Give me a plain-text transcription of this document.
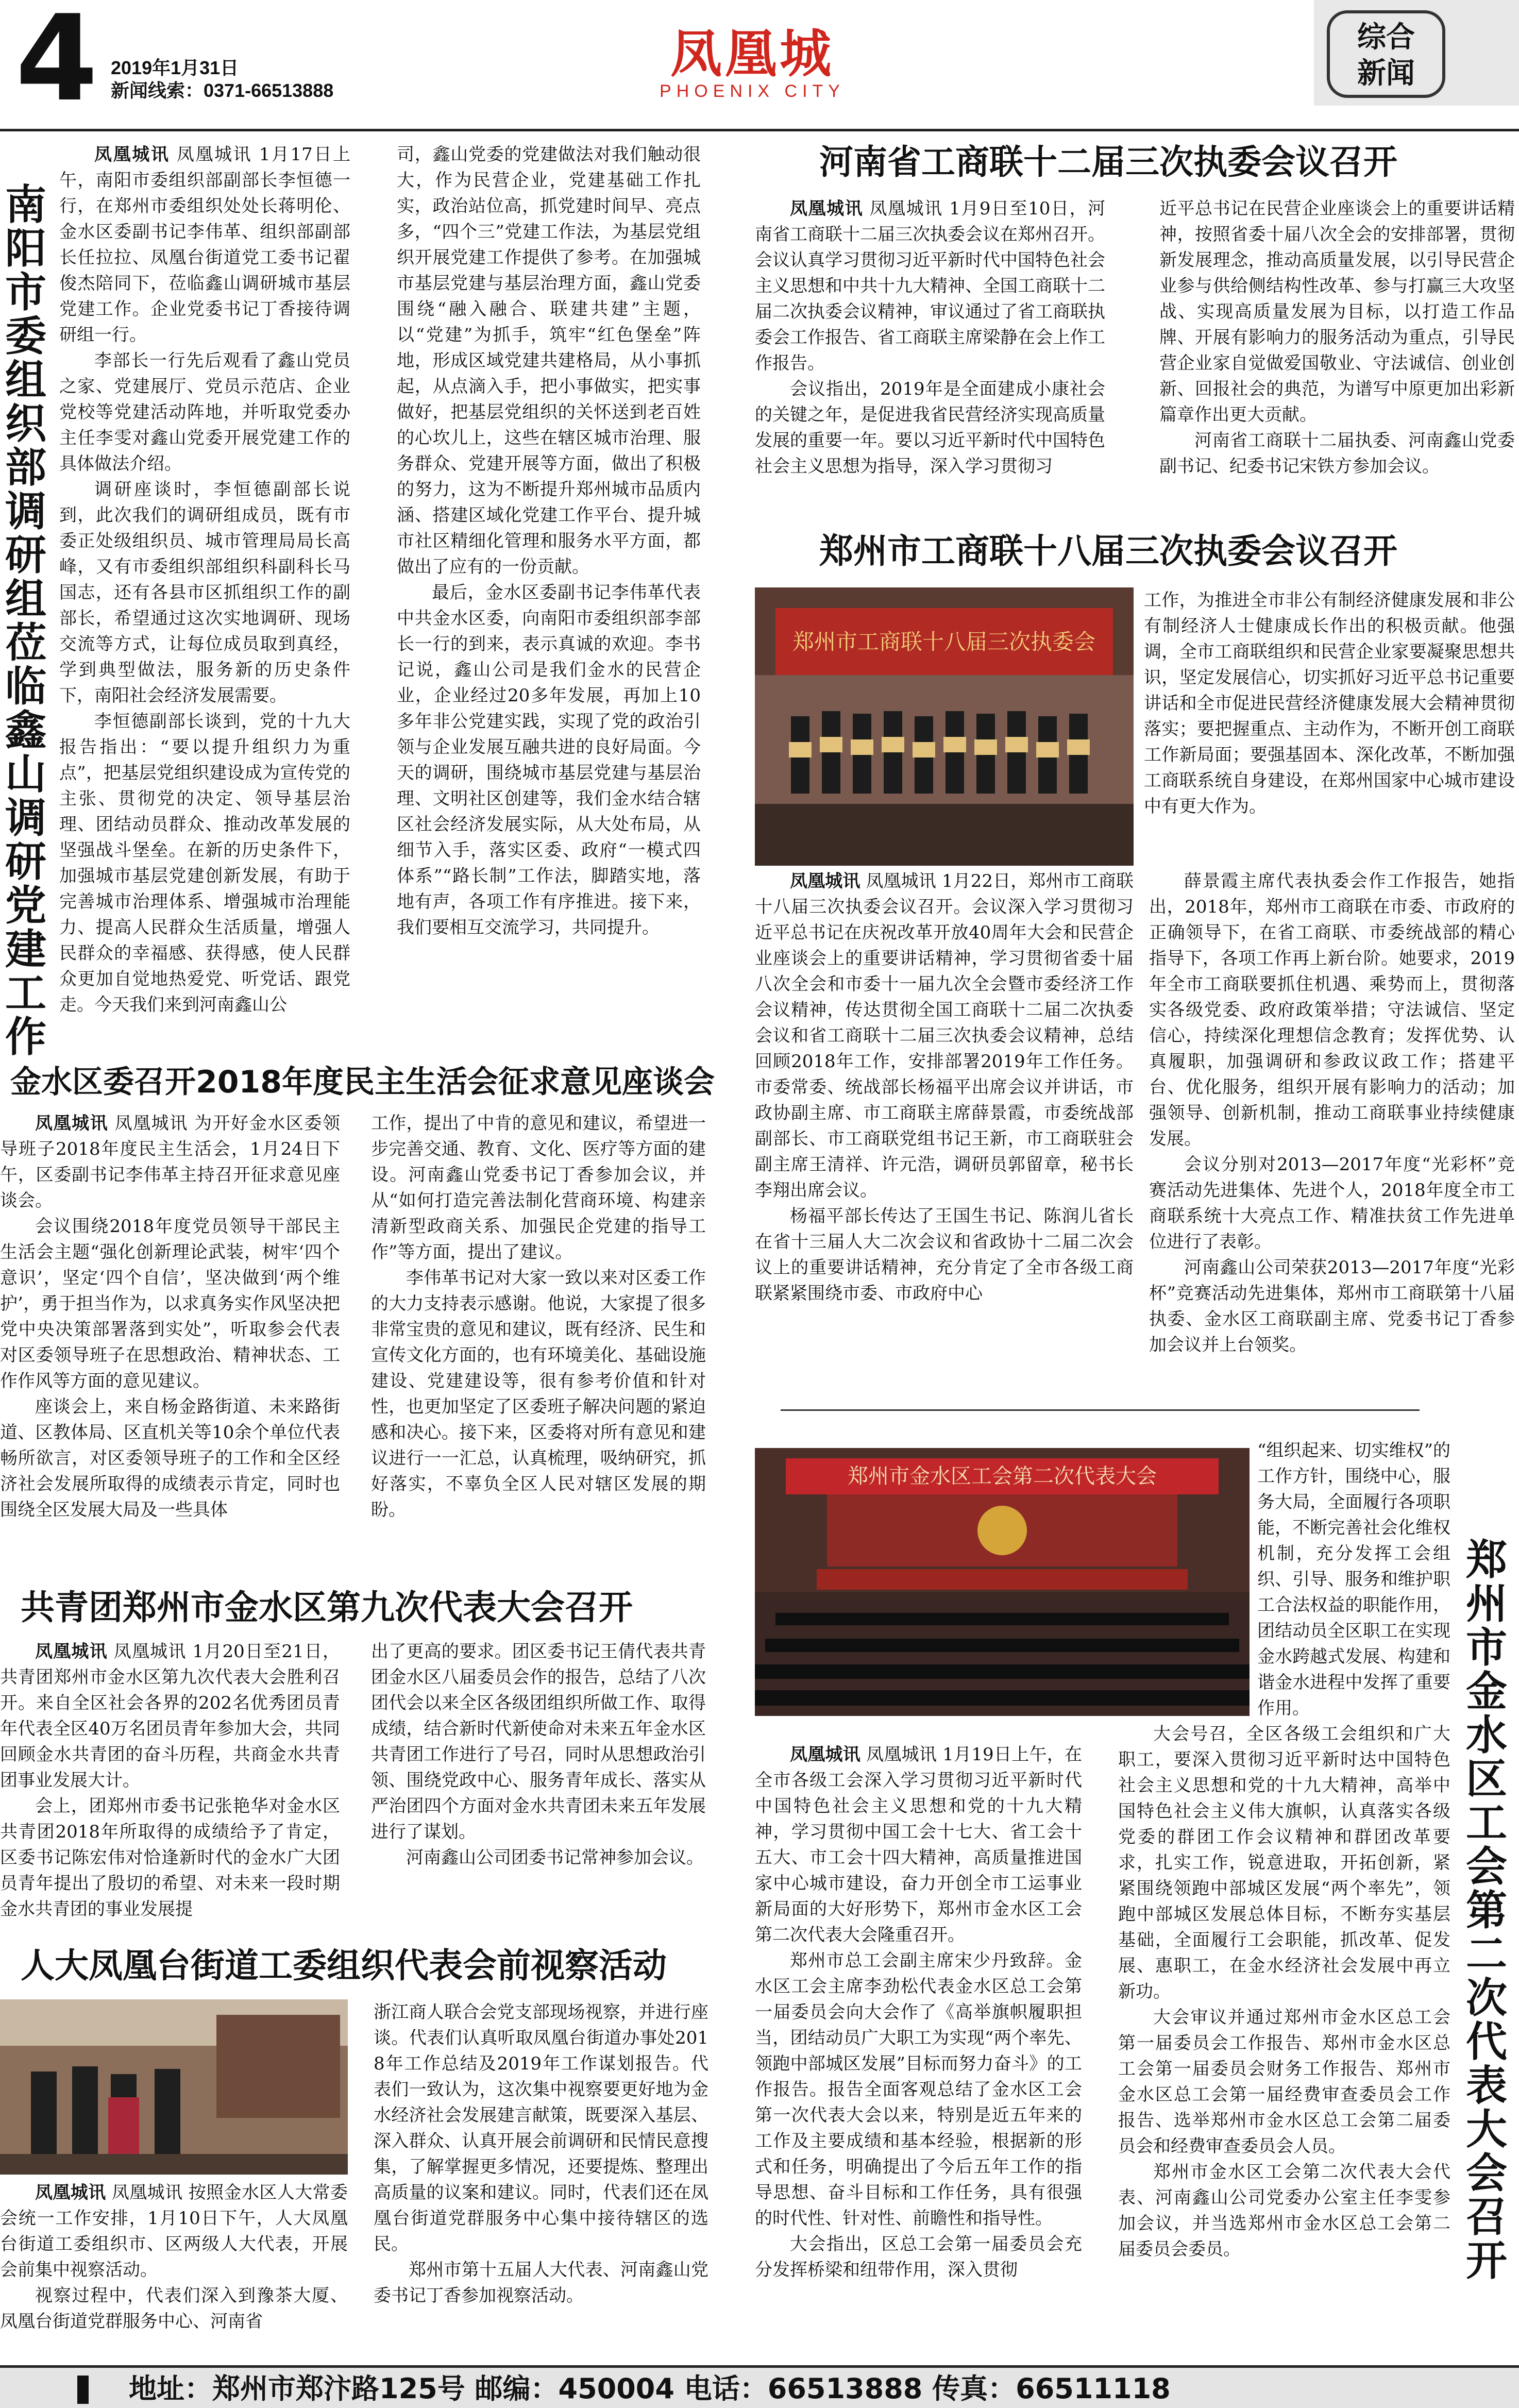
4 2019年1月31日
新闻线索：0371-66513888
凤凰城
PHOENIX CITY
综合
新闻
南阳市委组织部调研组莅临鑫山调研党建工作

凤凰城讯 凤凰城讯 1月17日上午，南阳市委组织部副部长李恒德一行，在郑州市委组织处处长蒋明伦、金水区委副书记李伟革、组织部副部长任拉拉、凤凰台街道党工委书记翟俊杰陪同下，莅临鑫山调研城市基层党建工作。企业党委书记丁香接待调研组一行。

李部长一行先后观看了鑫山党员之家、党建展厅、党员示范店、企业党校等党建活动阵地，并听取党委办主任李雯对鑫山党委开展党建工作的具体做法介绍。

调研座谈时，李恒德副部长说到，此次我们的调研组成员，既有市委正处级组织员、城市管理局局长高峰，又有市委组织部组织科副科长马国志，还有各县市区抓组织工作的副部长，希望通过这次实地调研、现场交流等方式，让每位成员取到真经，学到典型做法，服务新的历史条件下，南阳社会经济发展需要。

李恒德副部长谈到，党的十九大报告指出：“要以提升组织力为重点”，把基层党组织建设成为宣传党的主张、贯彻党的决定、领导基层治理、团结动员群众、推动改革发展的坚强战斗堡垒。在新的历史条件下，加强城市基层党建创新发展，有助于完善城市治理体系、增强城市治理能力、提高人民群众生活质量，增强人民群众的幸福感、获得感，使人民群众更加自觉地热爱党、听党话、跟党走。今天我们来到河南鑫山公

司，鑫山党委的党建做法对我们触动很大，作为民营企业，党建基础工作扎实，政治站位高，抓党建时间早、亮点多，“四个三”党建工作法，为基层党组织开展党建工作提供了参考。在加强城市基层党建与基层治理方面，鑫山党委围绕“融入融合、联建共建”主题，以“党建”为抓手，筑牢“红色堡垒”阵地，形成区域党建共建格局，从小事抓起，从点滴入手，把小事做实，把实事做好，把基层党组织的关怀送到老百姓的心坎儿上，这些在辖区城市治理、服务群众、党建开展等方面，做出了积极的努力，这为不断提升郑州城市品质内涵、搭建区域化党建工作平台、提升城市社区精细化管理和服务水平方面，都做出了应有的一份贡献。

最后，金水区委副书记李伟革代表中共金水区委，向南阳市委组织部李部长一行的到来，表示真诚的欢迎。李书记说，鑫山公司是我们金水的民营企业，企业经过20多年发展，再加上10多年非公党建实践，实现了党的政治引领与企业发展互融共进的良好局面。今天的调研，围绕城市基层党建与基层治理、文明社区创建等，我们金水结合辖区社会经济发展实际，从大处布局，从细节入手，落实区委、政府“一模式四体系”“路长制”工作法，脚踏实地，落地有声，各项工作有序推进。接下来，我们要相互交流学习，共同提升。

河南省工商联十二届三次执委会议召开

凤凰城讯 凤凰城讯 1月9日至10日，河南省工商联十二届三次执委会议在郑州召开。会议认真学习贯彻习近平新时代中国特色社会主义思想和中共十九大精神、全国工商联十二届二次执委会议精神，审议通过了省工商联执委会工作报告、省工商联主席梁静在会上作工作报告。

会议指出，2019年是全面建成小康社会的关键之年，是促进我省民营经济实现高质量发展的重要一年。要以习近平新时代中国特色社会主义思想为指导，深入学习贯彻习

近平总书记在民营企业座谈会上的重要讲话精神，按照省委十届八次全会的安排部署，贯彻新发展理念，推动高质量发展，以引导民营企业参与供给侧结构性改革、参与打赢三大攻坚战、实现高质量发展为目标，以打造工作品牌、开展有影响力的服务活动为重点，引导民营企业家自觉做爱国敬业、守法诚信、创业创新、回报社会的典范，为谱写中原更加出彩新篇章作出更大贡献。

河南省工商联十二届执委、河南鑫山党委副书记、纪委书记宋铁方参加会议。

郑州市工商联十八届三次执委会议召开
郑州市工商联十八届三次执委会

工作，为推进全市非公有制经济健康发展和非公有制经济人士健康成长作出的积极贡献。他强调，全市工商联组织和民营企业家要凝聚思想共识，坚定发展信心，切实抓好习近平总书记重要讲话和全市促进民营经济健康发展大会精神贯彻落实；要把握重点、主动作为，不断开创工商联工作新局面；要强基固本、深化改革，不断加强工商联系统自身建设，在郑州国家中心城市建设中有更大作为。

凤凰城讯 凤凰城讯 1月22日，郑州市工商联十八届三次执委会议召开。会议深入学习贯彻习近平总书记在庆祝改革开放40周年大会和民营企业座谈会上的重要讲话精神，学习贯彻省委十届八次全会和市委十一届九次全会暨市委经济工作会议精神，传达贯彻全国工商联十二届二次执委会议和省工商联十二届三次执委会议精神，总结回顾2018年工作，安排部署2019年工作任务。市委常委、统战部长杨福平出席会议并讲话，市政协副主席、市工商联主席薛景霞，市委统战部副部长、市工商联党组书记王新，市工商联驻会副主席王清祥、许元浩，调研员郭留章，秘书长李翔出席会议。

杨福平部长传达了王国生书记、陈润儿省长在省十三届人大二次会议和省政协十二届二次会议上的重要讲话精神，充分肯定了全市各级工商联紧紧围绕市委、市政府中心

薛景霞主席代表执委会作工作报告，她指出，2018年，郑州市工商联在市委、市政府的正确领导下，在省工商联、市委统战部的精心指导下，各项工作再上新台阶。她要求，2019年全市工商联要抓住机遇、乘势而上，贯彻落实各级党委、政府政策举措；守法诚信、坚定信心，持续深化理想信念教育；发挥优势、认真履职，加强调研和参政议政工作；搭建平台、优化服务，组织开展有影响力的活动；加强领导、创新机制，推动工商联事业持续健康发展。

会议分别对2013—2017年度“光彩杯”竞赛活动先进集体、先进个人，2018年度全市工商联系统十大亮点工作、精准扶贫工作先进单位进行了表彰。

河南鑫山公司荣获2013—2017年度“光彩杯”竞赛活动先进集体，郑州市工商联第十八届执委、金水区工商联副主席、党委书记丁香参加会议并上台领奖。

金水区委召开2018年度民主生活会征求意见座谈会

凤凰城讯 凤凰城讯 为开好金水区委领导班子2018年度民主生活会，1月24日下午，区委副书记李伟革主持召开征求意见座谈会。

会议围绕2018年度党员领导干部民主生活会主题“强化创新理论武装，树牢‘四个意识’，坚定‘四个自信’，坚决做到‘两个维护’，勇于担当作为，以求真务实作风坚决把党中央决策部署落到实处”，听取参会代表对区委领导班子在思想政治、精神状态、工作作风等方面的意见建议。

座谈会上，来自杨金路街道、未来路街道、区教体局、区直机关等10余个单位代表畅所欲言，对区委领导班子的工作和全区经济社会发展所取得的成绩表示肯定，同时也围绕全区发展大局及一些具体

工作，提出了中肯的意见和建议，希望进一步完善交通、教育、文化、医疗等方面的建设。河南鑫山党委书记丁香参加会议，并从“如何打造完善法制化营商环境、构建亲清新型政商关系、加强民企党建的指导工作”等方面，提出了建议。

李伟革书记对大家一致以来对区委工作的大力支持表示感谢。他说，大家提了很多非常宝贵的意见和建议，既有经济、民生和宣传文化方面的，也有环境美化、基础设施建设、党建建设等，很有参考价值和针对性，也更加坚定了区委班子解决问题的紧迫感和决心。接下来，区委将对所有意见和建议进行一一汇总，认真梳理，吸纳研究，抓好落实，不辜负全区人民对辖区发展的期盼。

共青团郑州市金水区第九次代表大会召开

凤凰城讯 凤凰城讯 1月20日至21日，共青团郑州市金水区第九次代表大会胜利召开。来自全区社会各界的202名优秀团员青年代表全区40万名团员青年参加大会，共同回顾金水共青团的奋斗历程，共商金水共青团事业发展大计。

会上，团郑州市委书记张艳华对金水区共青团2018年所取得的成绩给予了肯定，区委书记陈宏伟对恰逢新时代的金水广大团员青年提出了殷切的希望、对未来一段时期金水共青团的事业发展提

出了更高的要求。团区委书记王倩代表共青团金水区八届委员会作的报告，总结了八次团代会以来全区各级团组织所做工作、取得成绩，结合新时代新使命对未来五年金水区共青团工作进行了号召，同时从思想政治引领、围绕党政中心、服务青年成长、落实从严治团四个方面对金水共青团未来五年发展进行了谋划。

河南鑫山公司团委书记常神参加会议。

人大凤凰台街道工委组织代表会前视察活动

凤凰城讯 凤凰城讯 按照金水区人大常委会统一工作安排，1月10日下午，人大凤凰台街道工委组织市、区两级人大代表，开展会前集中视察活动。

视察过程中，代表们深入到豫茶大厦、凤凰台街道党群服务中心、河南省

浙江商人联合会党支部现场视察，并进行座谈。代表们认真听取凤凰台街道办事处2018年工作总结及2019年工作谋划报告。代表们一致认为，这次集中视察要更好地为金水经济社会发展建言献策，既要深入基层、深入群众、认真开展会前调研和民情民意搜集，了解掌握更多情况，还要提炼、整理出高质量的议案和建议。同时，代表们还在凤凰台街道党群服务中心集中接待辖区的选民。

郑州市第十五届人大代表、河南鑫山党委书记丁香参加视察活动。

郑州市金水区工会第二次代表大会

“组织起来、切实维权”的工作方针，围绕中心，服务大局，全面履行各项职能，不断完善社会化维权机制，充分发挥工会组织、引导、服务和维护职工合法权益的职能作用，团结动员全区职工在实现金水跨越式发展、构建和谐金水进程中发挥了重要作用。

郑州市金水区工会第二次代表大会召开

凤凰城讯 凤凰城讯 1月19日上午，在全市各级工会深入学习贯彻习近平新时代中国特色社会主义思想和党的十九大精神，学习贯彻中国工会十七大、省工会十五大、市工会十四大精神，高质量推进国家中心城市建设，奋力开创全市工运事业新局面的大好形势下，郑州市金水区工会第二次代表大会隆重召开。

郑州市总工会副主席宋少丹致辞。金水区工会主席李劲松代表金水区总工会第一届委员会向大会作了《高举旗帜履职担当，团结动员广大职工为实现“两个率先、领跑中部城区发展”目标而努力奋斗》的工作报告。报告全面客观总结了金水区工会第一次代表大会以来，特别是近五年来的工作及主要成绩和基本经验，根据新的形式和任务，明确提出了今后五年工作的指导思想、奋斗目标和工作任务，具有很强的时代性、针对性、前瞻性和指导性。

大会指出，区总工会第一届委员会充分发挥桥梁和纽带作用，深入贯彻

大会号召，全区各级工会组织和广大职工，要深入贯彻习近平新时达中国特色社会主义思想和党的十九大精神，高举中国特色社会主义伟大旗帜，认真落实各级党委的群团工作会议精神和群团改革要求，扎实工作，锐意进取，开拓创新，紧紧围绕领跑中部城区发展“两个率先”，领跑中部城区发展总体目标，不断夯实基层基础，全面履行工会职能，抓改革、促发展、惠职工，在金水经济社会发展中再立新功。

大会审议并通过郑州市金水区总工会第一届委员会工作报告、郑州市金水区总工会第一届委员会财务工作报告、郑州市金水区总工会第一届经费审查委员会工作报告、选举郑州市金水区总工会第二届委员会和经费审查委员会人员。

郑州市金水区工会第二次代表大会代表、河南鑫山公司党委办公室主任李雯参加会议，并当选郑州市金水区总工会第二届委员会委员。

地址：郑州市郑汴路125号 邮编：450004 电话：66513888 传真：66511118
